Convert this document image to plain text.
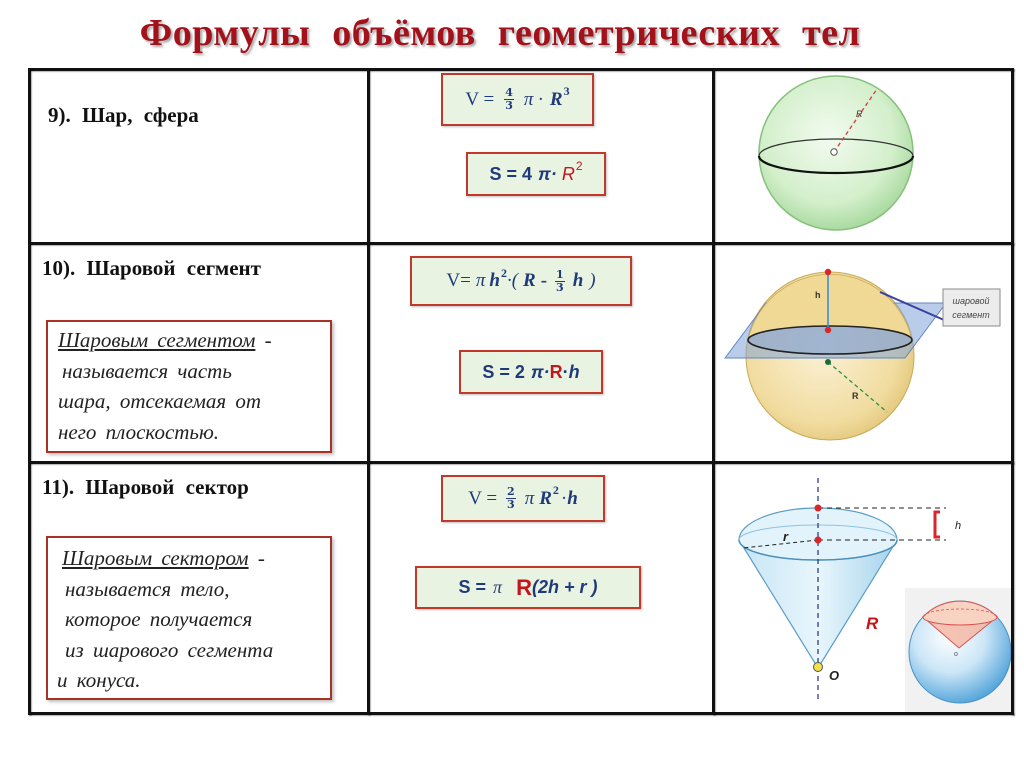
Формулы объёмов геометрических тел
R
h
R
шаровой
сегмент
r
h
R
O
o
9). Шар, сфера
10). Шаровой сегмент
11). Шаровой сектор
Шаровым сегментом -
называется часть
шара, отсекаемая от
него плоскостью.
Шаровым сектором -
называется тело,
которое получается
из шарового сегмента
и конуса.
$V = \frac{4}{3}$ π · R 3
S = 4 π· R 2
V= π h 2 ·( R - $\frac{1}{3}$ h )
S = 2 π· R · h
$V = \frac{2}{3}$ π R 2 · h
S = π R (2h + r )
